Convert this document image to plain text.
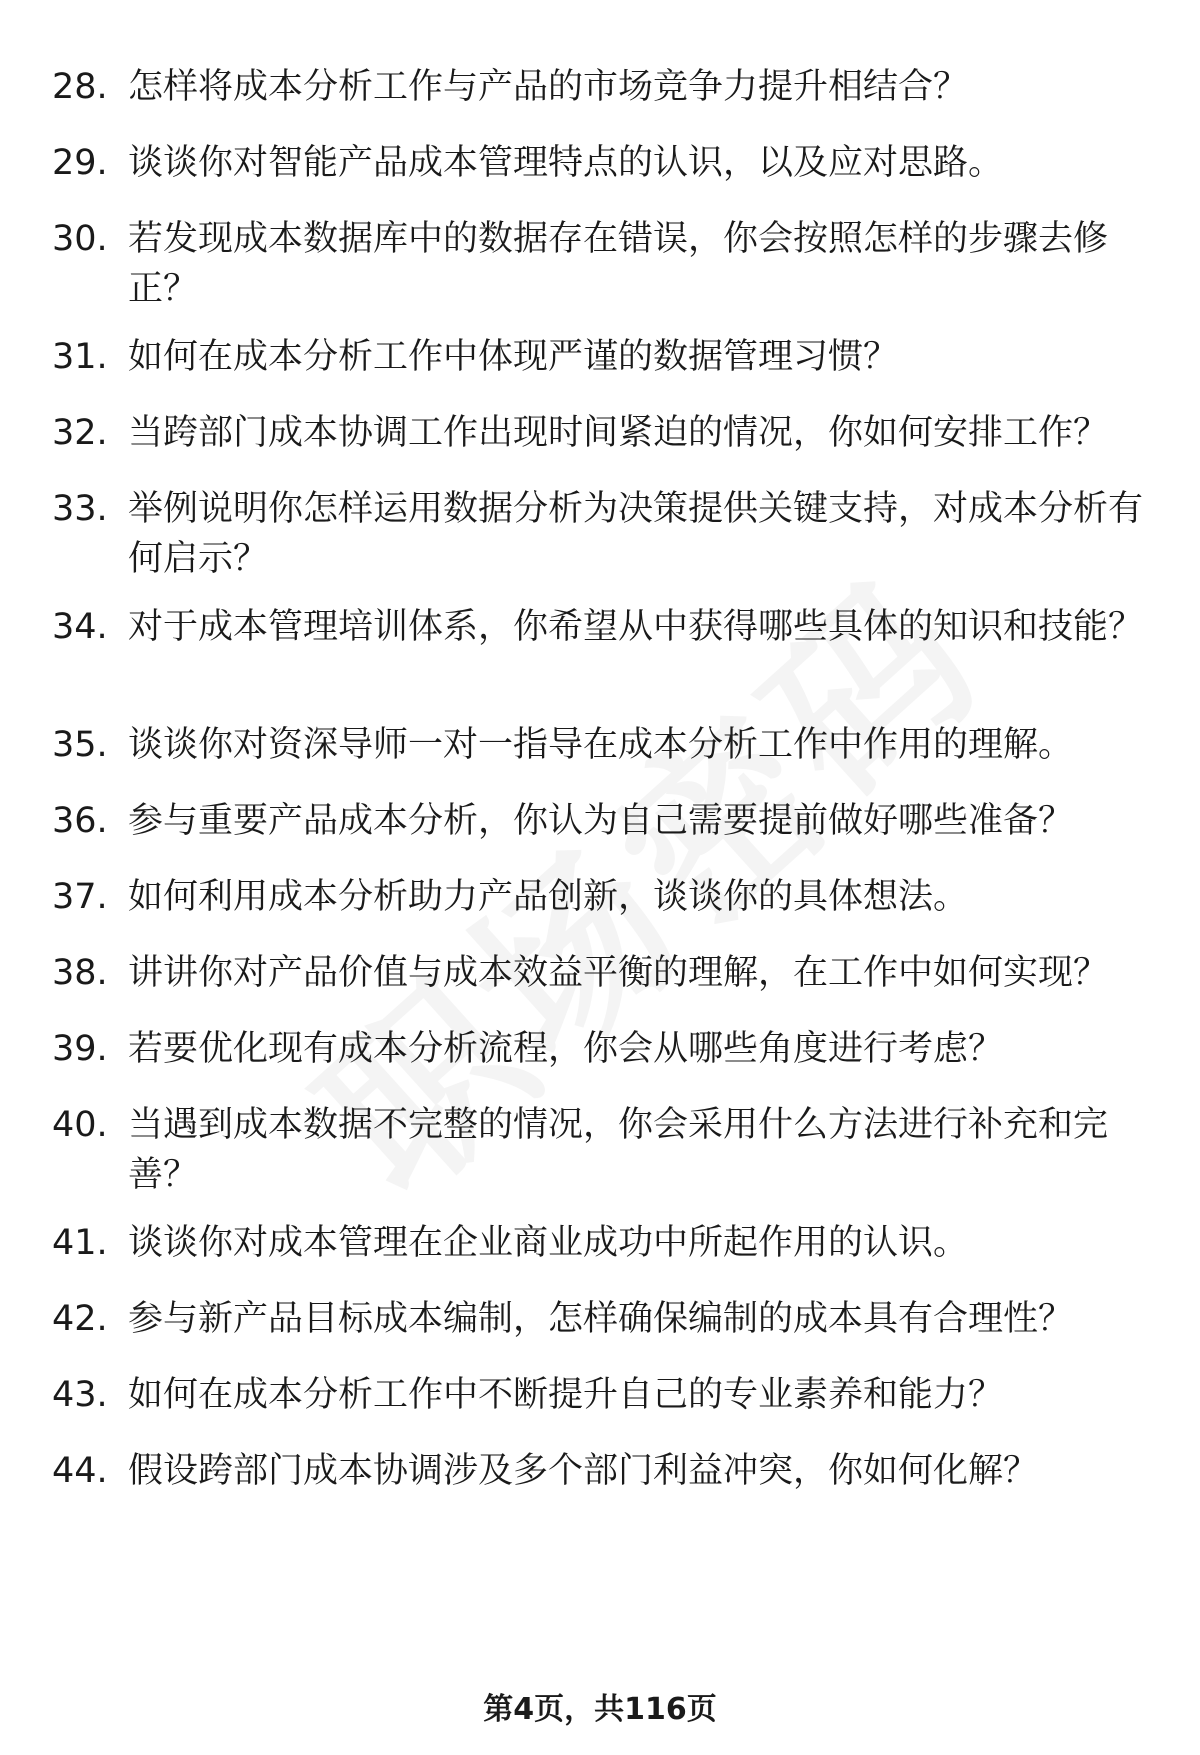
28. 怎样将成本分析工作与产品的市场竞争力提升相结合？
29. 谈谈你对智能产品成本管理特点的认识，以及应对思路。
30. 若发现成本数据库中的数据存在错误，你会按照怎样的步骤去修正？
31. 如何在成本分析工作中体现严谨的数据管理习惯？
32. 当跨部门成本协调工作出现时间紧迫的情况，你如何安排工作？
33. 举例说明你怎样运用数据分析为决策提供关键支持，对成本分析有何启示？
34. 对于成本管理培训体系，你希望从中获得哪些具体的知识和技能？
35. 谈谈你对资深导师一对一指导在成本分析工作中作用的理解。
36. 参与重要产品成本分析，你认为自己需要提前做好哪些准备？
37. 如何利用成本分析助力产品创新，谈谈你的具体想法。
38. 讲讲你对产品价值与成本效益平衡的理解，在工作中如何实现？
39. 若要优化现有成本分析流程，你会从哪些角度进行考虑？
40. 当遇到成本数据不完整的情况，你会采用什么方法进行补充和完善？
41. 谈谈你对成本管理在企业商业成功中所起作用的认识。
42. 参与新产品目标成本编制，怎样确保编制的成本具有合理性？
43. 如何在成本分析工作中不断提升自己的专业素养和能力？
44. 假设跨部门成本协调涉及多个部门利益冲突，你如何化解？
第4页，共116页
